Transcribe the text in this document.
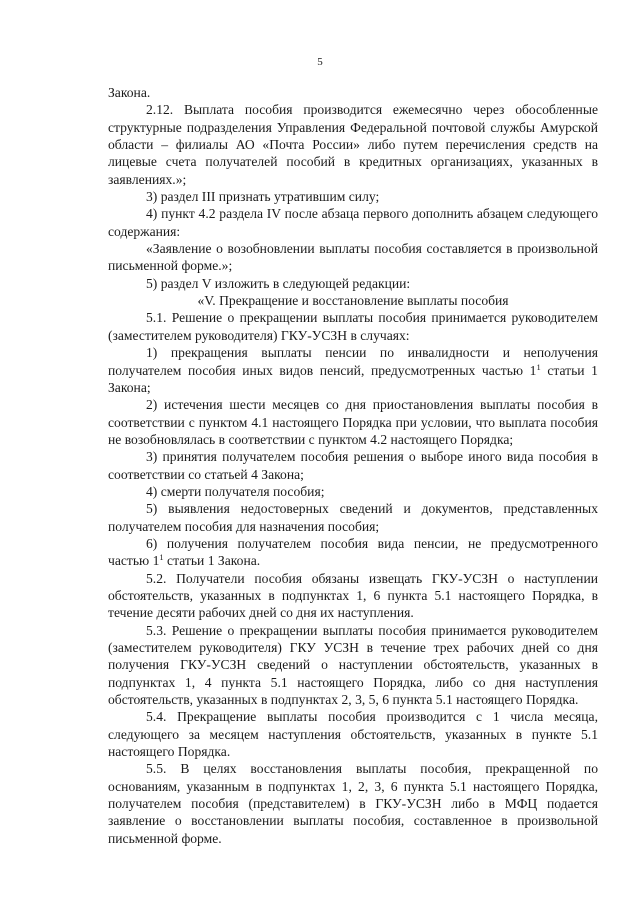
5

Закона.

2.12. Выплата пособия производится ежемесячно через обособленные структурные подразделения Управления Федеральной почтовой службы Амурской области – филиалы АО «Почта России» либо путем перечисления средств на лицевые счета получателей пособий в кредитных организациях, указанных в заявлениях.»;

3) раздел III признать утратившим силу;

4) пункт 4.2 раздела IV после абзаца первого дополнить абзацем следующего содержания:

«Заявление о возобновлении выплаты пособия составляется в произвольной письменной форме.»;

5) раздел V изложить в следующей редакции:

«V. Прекращение и восстановление выплаты пособия

5.1. Решение о прекращении выплаты пособия принимается руководителем (заместителем руководителя) ГКУ-УСЗН в случаях:

1) прекращения выплаты пенсии по инвалидности и неполучения получателем пособия иных видов пенсий, предусмотренных частью $1^1$ статьи 1 Закона;

2) истечения шести месяцев со дня приостановления выплаты пособия в соответствии с пунктом 4.1 настоящего Порядка при условии, что выплата пособия не возобновлялась в соответствии с пунктом 4.2 настоящего Порядка;

3) принятия получателем пособия решения о выборе иного вида пособия в соответствии со статьей 4 Закона;

4) смерти получателя пособия;

5) выявления недостоверных сведений и документов, представленных получателем пособия для назначения пособия;

6) получения получателем пособия вида пенсии, не предусмотренного частью $1^1$ статьи 1 Закона.

5.2. Получатели пособия обязаны извещать ГКУ-УСЗН о наступлении обстоятельств, указанных в подпунктах 1, 6 пункта 5.1 настоящего Порядка, в течение десяти рабочих дней со дня их наступления.

5.3. Решение о прекращении выплаты пособия принимается руководителем (заместителем руководителя) ГКУ УСЗН в течение трех рабочих дней со дня получения ГКУ-УСЗН сведений о наступлении обстоятельств, указанных в подпунктах 1, 4 пункта 5.1 настоящего Порядка, либо со дня наступления обстоятельств, указанных в подпунктах 2, 3, 5, 6 пункта 5.1 настоящего Порядка.

5.4. Прекращение выплаты пособия производится с 1 числа месяца, следующего за месяцем наступления обстоятельств, указанных в пункте 5.1 настоящего Порядка.

5.5. В целях восстановления выплаты пособия, прекращенной по основаниям, указанным в подпунктах 1, 2, 3, 6 пункта 5.1 настоящего Порядка, получателем пособия (представителем) в ГКУ-УСЗН либо в МФЦ подается заявление о восстановлении выплаты пособия, составленное в произвольной письменной форме.
